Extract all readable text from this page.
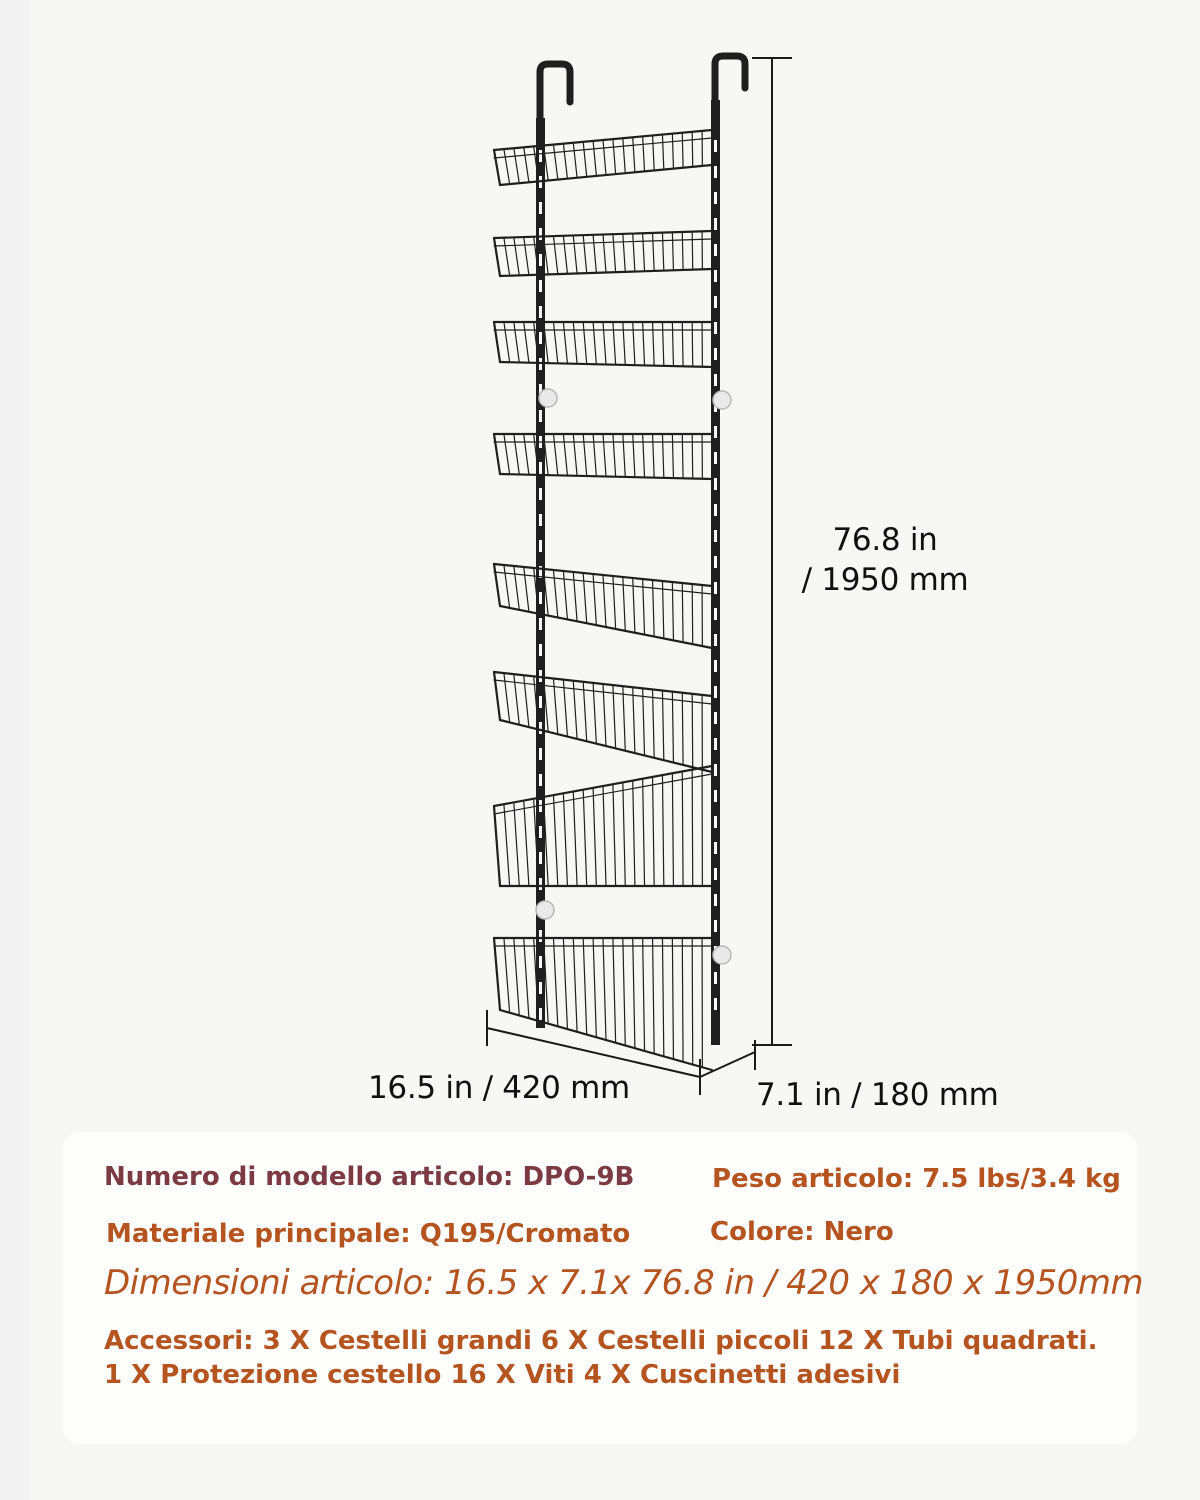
76.8 in
/ 1950 mm
16.5 in / 420 mm	7.1 in / 180 mm
Numero di modello articolo: DPO-9B	Peso articolo: 7.5 lbs/3.4 kg
Materiale principale: Q195/Cromato	Colore: Nero
Dimensioni articolo: 16.5 x 7.1x 76.8 in / 420 x 180 x 1950mm
Accessori: 3 X Cestelli grandi 6 X Cestelli piccoli 12 X Tubi quadrati.
1 X Protezione cestello 16 X Viti 4 X Cuscinetti adesivi
